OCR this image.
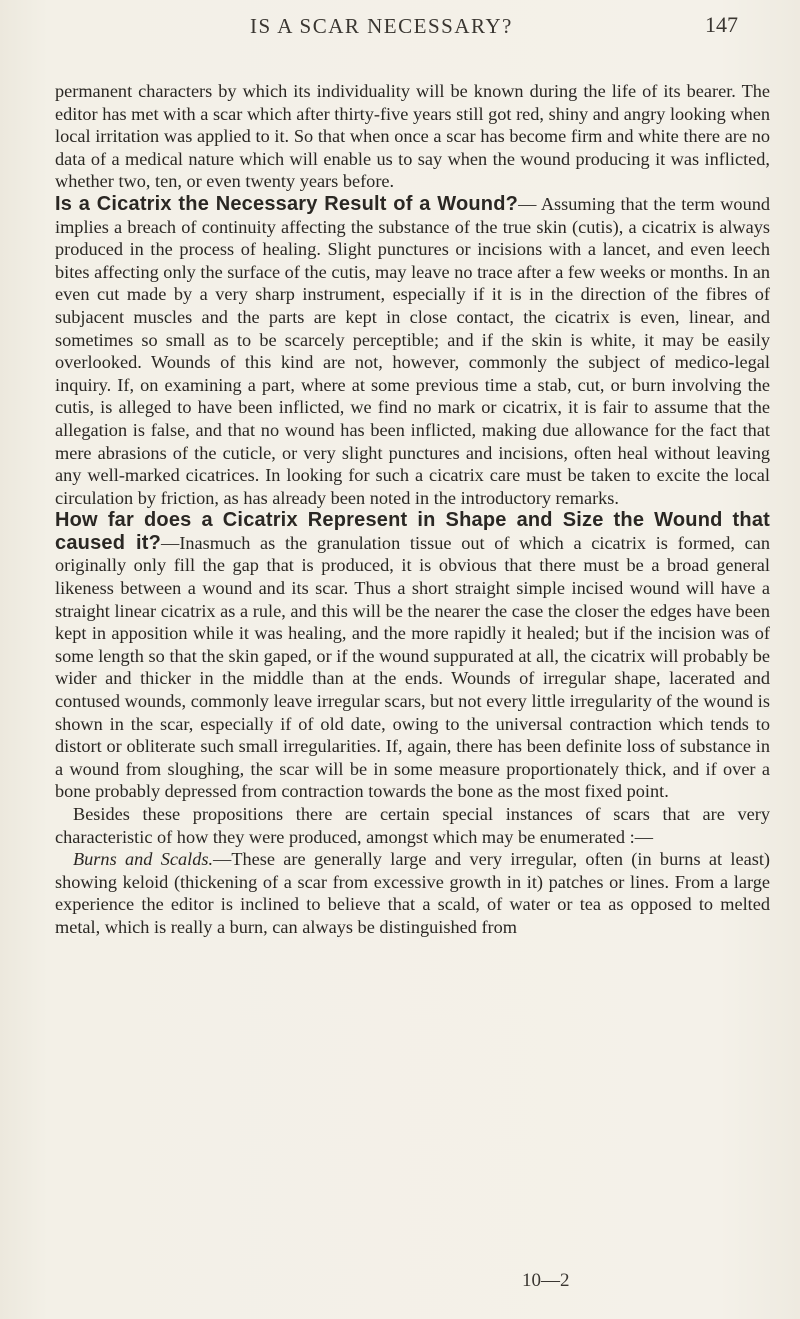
IS A SCAR NECESSARY?	147

permanent characters by which its individuality will be known during the life of its bearer. The editor has met with a scar which after thirty-five years still got red, shiny and angry looking when local irritation was applied to it. So that when once a scar has become firm and white there are no data of a medical nature which will enable us to say when the wound producing it was inflicted, whether two, ten, or even twenty years before.

Is a Cicatrix the Necessary Result of a Wound?— Assuming that the term wound implies a breach of continuity affecting the substance of the true skin (cutis), a cicatrix is always produced in the process of healing. Slight punctures or incisions with a lancet, and even leech bites affecting only the surface of the cutis, may leave no trace after a few weeks or months. In an even cut made by a very sharp instrument, especially if it is in the direction of the fibres of subjacent muscles and the parts are kept in close contact, the cicatrix is even, linear, and sometimes so small as to be scarcely perceptible; and if the skin is white, it may be easily overlooked. Wounds of this kind are not, however, commonly the subject of medico-legal inquiry. If, on examining a part, where at some previous time a stab, cut, or burn involving the cutis, is alleged to have been inflicted, we find no mark or cicatrix, it is fair to assume that the allegation is false, and that no wound has been inflicted, making due allowance for the fact that mere abrasions of the cuticle, or very slight punctures and incisions, often heal without leaving any well-marked cicatrices. In looking for such a cicatrix care must be taken to excite the local circulation by friction, as has already been noted in the introductory remarks.

How far does a Cicatrix Represent in Shape and Size the Wound that caused it?—Inasmuch as the granulation tissue out of which a cicatrix is formed, can originally only fill the gap that is produced, it is obvious that there must be a broad general likeness between a wound and its scar. Thus a short straight simple incised wound will have a straight linear cicatrix as a rule, and this will be the nearer the case the closer the edges have been kept in apposition while it was healing, and the more rapidly it healed; but if the incision was of some length so that the skin gaped, or if the wound suppurated at all, the cicatrix will probably be wider and thicker in the middle than at the ends. Wounds of irregular shape, lacerated and contused wounds, commonly leave irregular scars, but not every little irregularity of the wound is shown in the scar, especially if of old date, owing to the universal contraction which tends to distort or obliterate such small irregularities. If, again, there has been definite loss of substance in a wound from sloughing, the scar will be in some measure proportionately thick, and if over a bone probably depressed from contraction towards the bone as the most fixed point.

Besides these propositions there are certain special instances of scars that are very characteristic of how they were produced, amongst which may be enumerated :—

Burns and Scalds.—These are generally large and very irregular, often (in burns at least) showing keloid (thickening of a scar from excessive growth in it) patches or lines. From a large experience the editor is inclined to believe that a scald, of water or tea as opposed to melted metal, which is really a burn, can always be distinguished from

10—2
